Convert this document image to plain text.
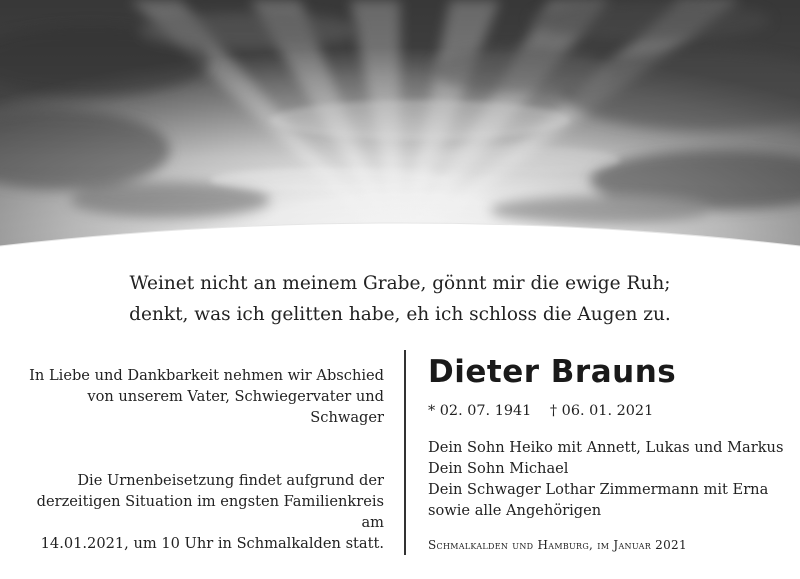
Weinet nicht an meinem Grabe, gönnt mir die ewige Ruh;
denkt, was ich gelitten habe, eh ich schloss die Augen zu.
In Liebe und Dankbarkeit nehmen wir Abschied
von unserem Vater, Schwiegervater und Schwager
Die Urnenbeisetzung findet aufgrund der
derzeitigen Situation im engsten Familienkreis am
14.01.2021, um 10 Uhr in Schmalkalden statt.
Dieter Brauns
* 02. 07. 1941 † 06. 01. 2021
Dein Sohn Heiko mit Annett, Lukas und Markus
Dein Sohn Michael
Dein Schwager Lothar Zimmermann mit Erna
sowie alle Angehörigen
Schmalkalden und Hamburg, im Januar 2021
